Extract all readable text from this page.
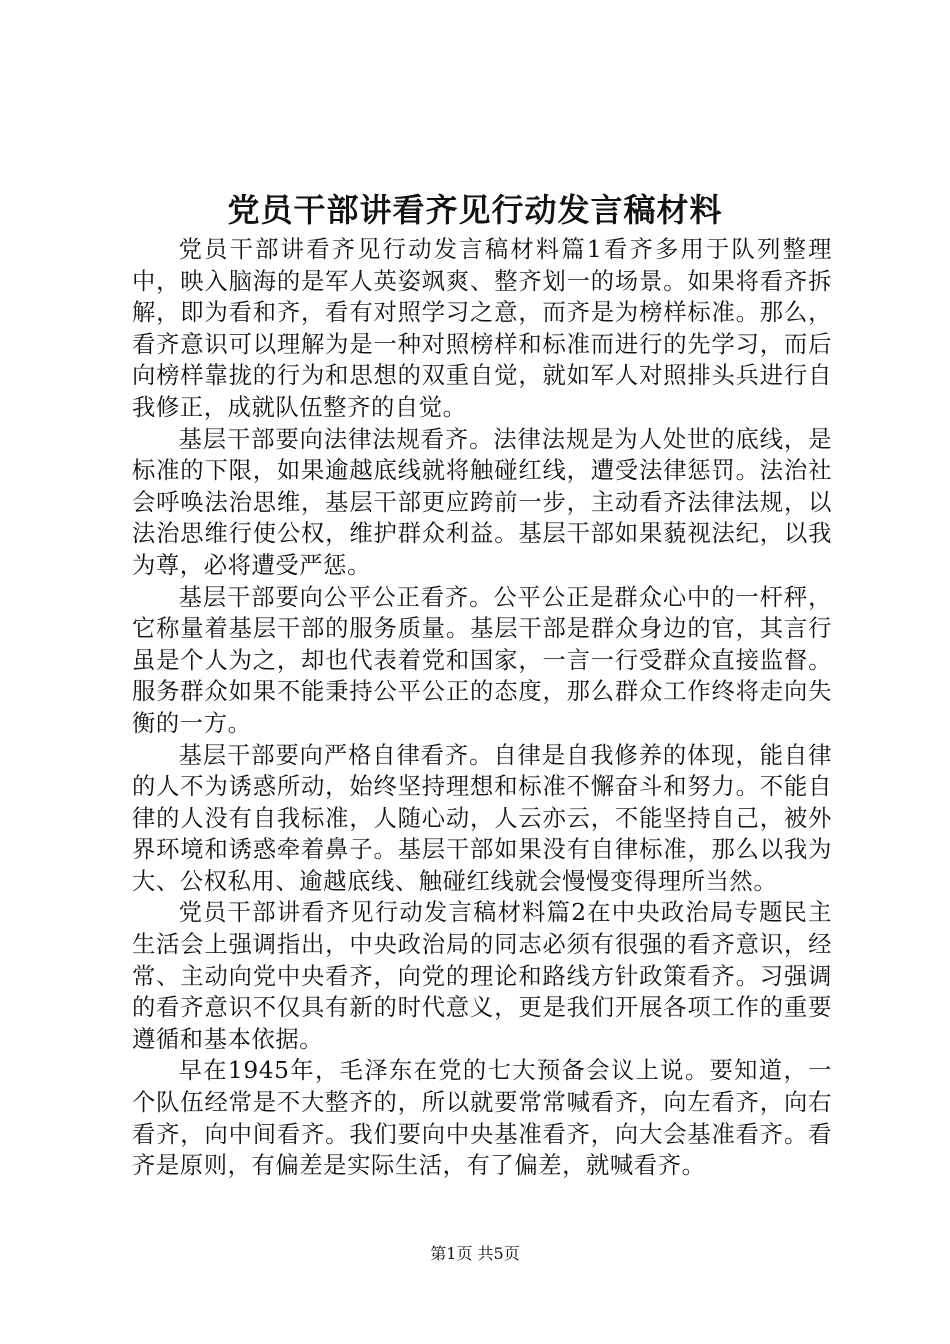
党员干部讲看齐见行动发言稿材料

党员干部讲看齐见行动发言稿材料篇1看齐多用于队列整理中，映入脑海的是军人英姿飒爽、整齐划一的场景。如果将看齐拆解，即为看和齐，看有对照学习之意，而齐是为榜样标准。那么，看齐意识可以理解为是一种对照榜样和标准而进行的先学习，而后向榜样靠拢的行为和思想的双重自觉，就如军人对照排头兵进行自我修正，成就队伍整齐的自觉。

基层干部要向法律法规看齐。法律法规是为人处世的底线，是标准的下限，如果逾越底线就将触碰红线，遭受法律惩罚。法治社会呼唤法治思维，基层干部更应跨前一步，主动看齐法律法规，以法治思维行使公权，维护群众利益。基层干部如果藐视法纪，以我为尊，必将遭受严惩。

基层干部要向公平公正看齐。公平公正是群众心中的一杆秤，它称量着基层干部的服务质量。基层干部是群众身边的官，其言行虽是个人为之，却也代表着党和国家，一言一行受群众直接监督。服务群众如果不能秉持公平公正的态度，那么群众工作终将走向失衡的一方。

基层干部要向严格自律看齐。自律是自我修养的体现，能自律的人不为诱惑所动，始终坚持理想和标准不懈奋斗和努力。不能自律的人没有自我标准，人随心动，人云亦云，不能坚持自己，被外界环境和诱惑牵着鼻子。基层干部如果没有自律标准，那么以我为大、公权私用、逾越底线、触碰红线就会慢慢变得理所当然。

党员干部讲看齐见行动发言稿材料篇2在中央政治局专题民主生活会上强调指出，中央政治局的同志必须有很强的看齐意识，经常、主动向党中央看齐，向党的理论和路线方针政策看齐。习强调的看齐意识不仅具有新的时代意义，更是我们开展各项工作的重要遵循和基本依据。

早在1945年，毛泽东在党的七大预备会议上说。要知道，一个队伍经常是不大整齐的，所以就要常常喊看齐，向左看齐，向右看齐，向中间看齐。我们要向中央基准看齐，向大会基准看齐。看齐是原则，有偏差是实际生活，有了偏差，就喊看齐。

第1页 共5页
